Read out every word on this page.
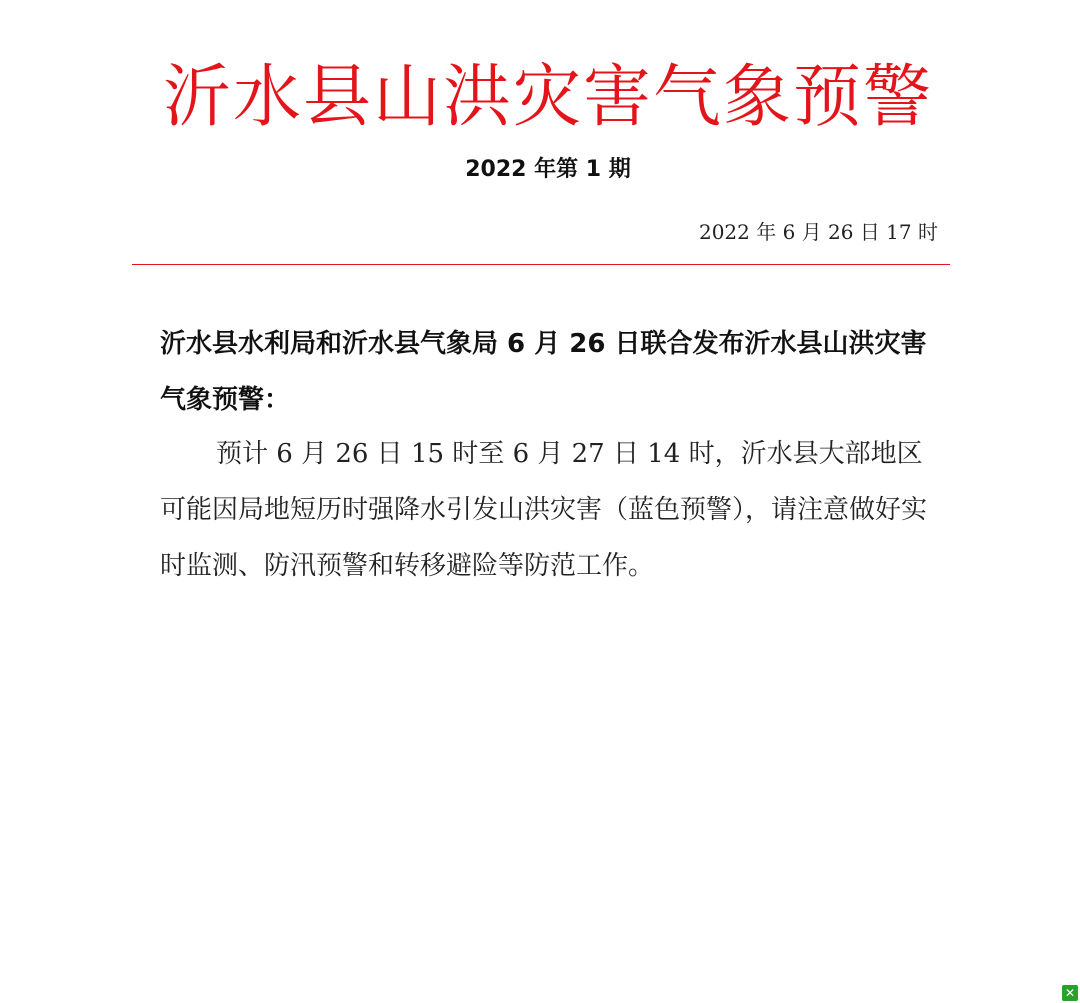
沂水县山洪灾害气象预警
2022 年第 1 期
2022 年 6 月 26 日 17 时
沂水县水利局和沂水县气象局 6 月 26 日联合发布沂水县山洪灾害气象预警：
预计 6 月 26 日 15 时至 6 月 27 日 14 时，沂水县大部地区可能因局地短历时强降水引发山洪灾害（蓝色预警），请注意做好实时监测、防汛预警和转移避险等防范工作。
✕
